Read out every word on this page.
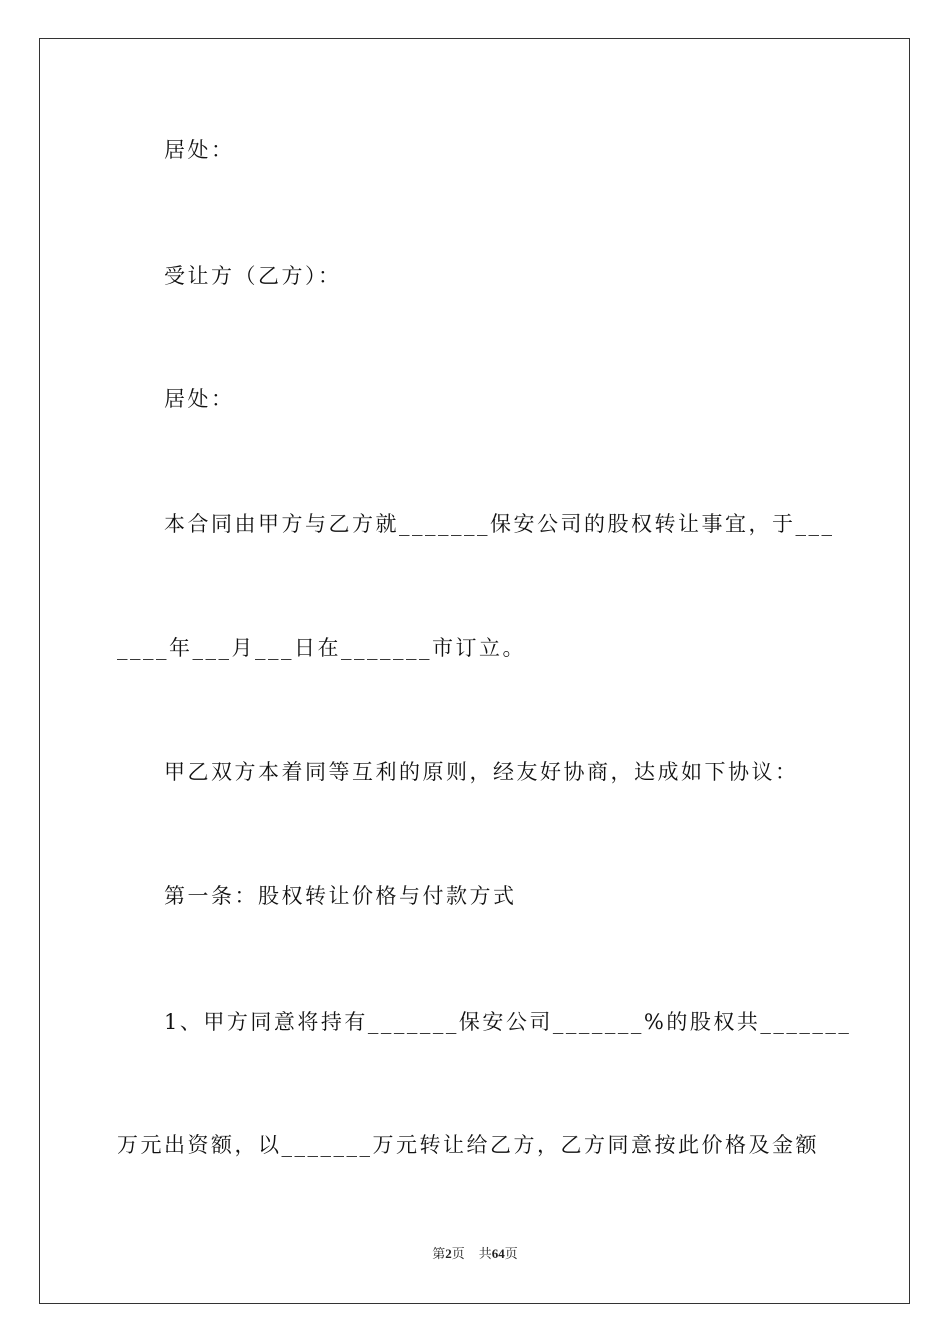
居处：
受让方（乙方）：
居处：
本合同由甲方与乙方就_______保安公司的股权转让事宜，于___
____年___月___日在_______市订立。
甲乙双方本着同等互利的原则，经友好协商，达成如下协议：
第一条：股权转让价格与付款方式
1、甲方同意将持有_______保安公司_______%的股权共_______
万元出资额，以_______万元转让给乙方，乙方同意按此价格及金额
第2页 共64页
